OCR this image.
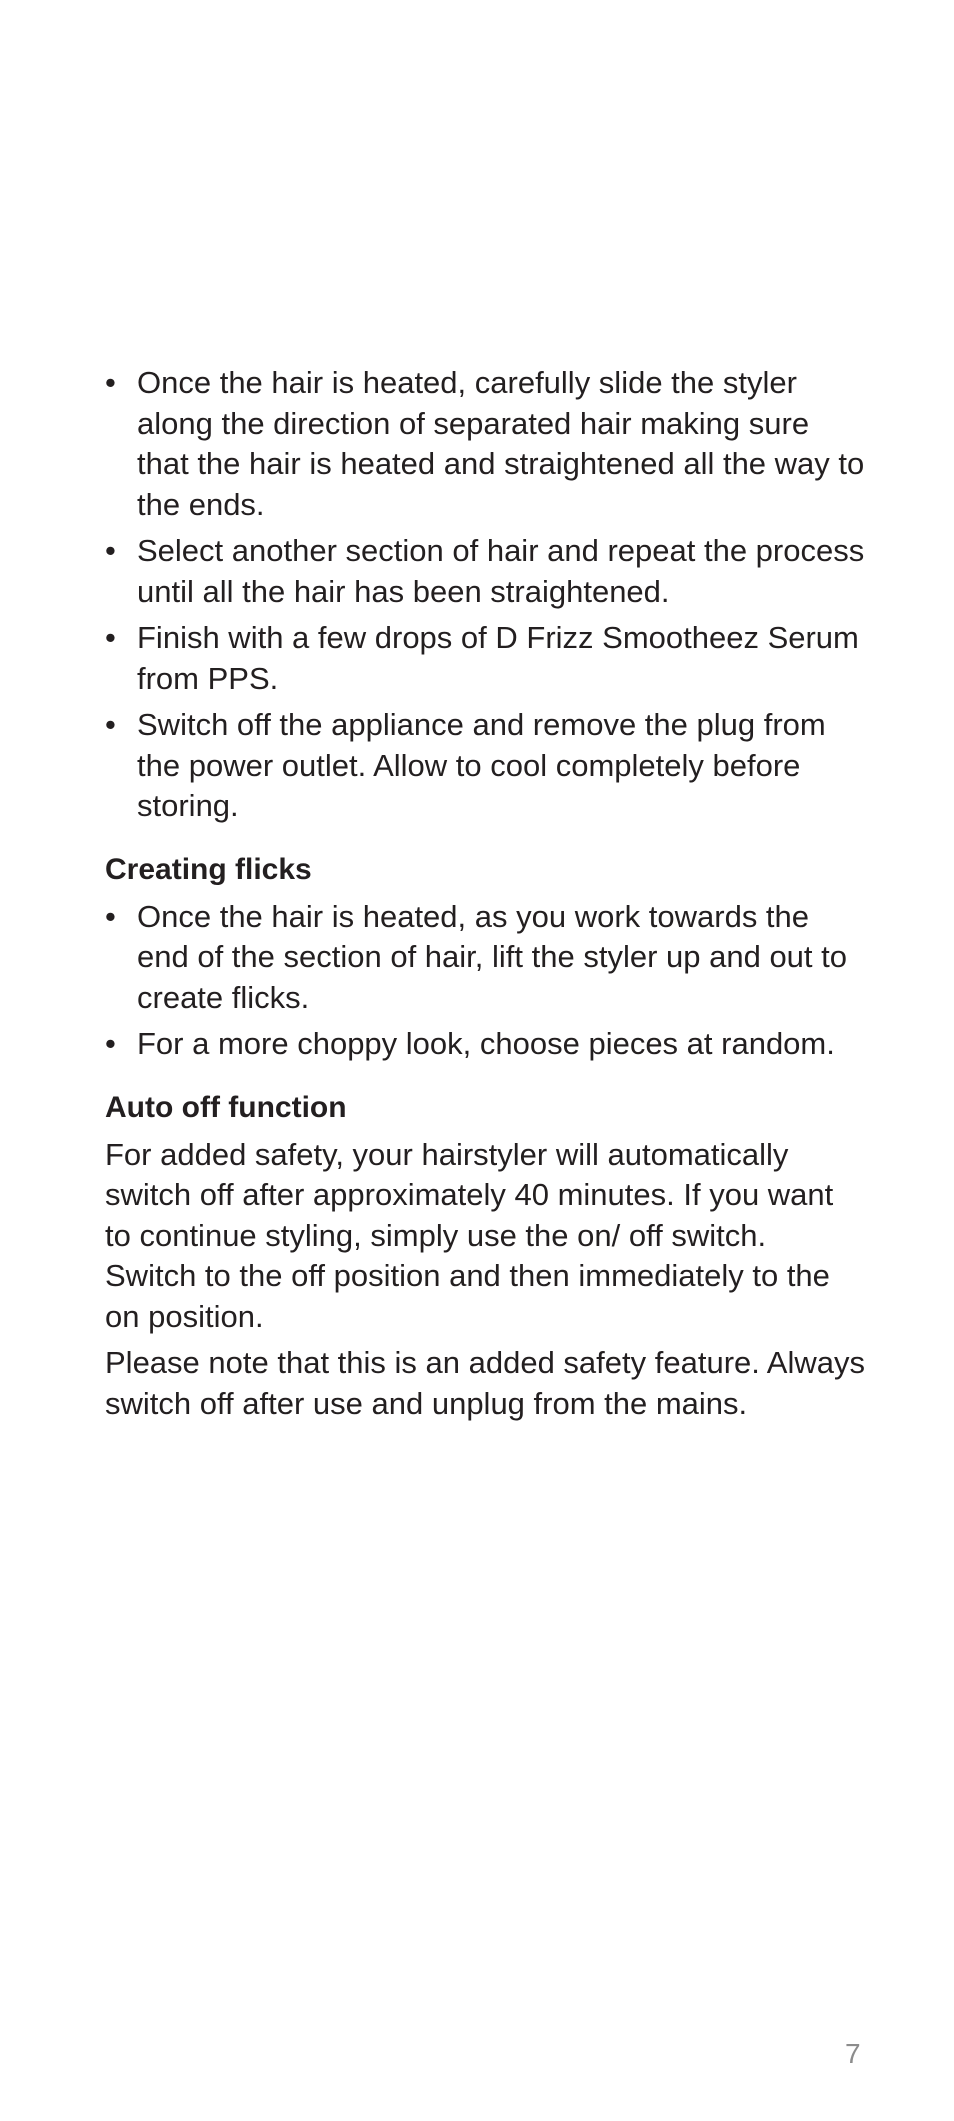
• Once the hair is heated, carefully slide the styler along the direction of separated hair making sure that the hair is heated and straightened all the way to the ends.
• Select another section of hair and repeat the process until all the hair has been straightened.
• Finish with a few drops of D Frizz Smootheez Serum from PPS.
• Switch off the appliance and remove the plug from the power outlet. Allow to cool completely before storing.
Creating flicks
• Once the hair is heated, as you work towards the end of the section of hair, lift the styler up and out to create flicks.
• For a more choppy look, choose pieces at random.
Auto off function

For added safety, your hairstyler will automatically switch off after approximately 40 minutes. If you want to continue styling, simply use the on/ off switch. Switch to the off position and then immediately to the on position.

Please note that this is an added safety feature. Always switch off after use and unplug from the mains.

7
